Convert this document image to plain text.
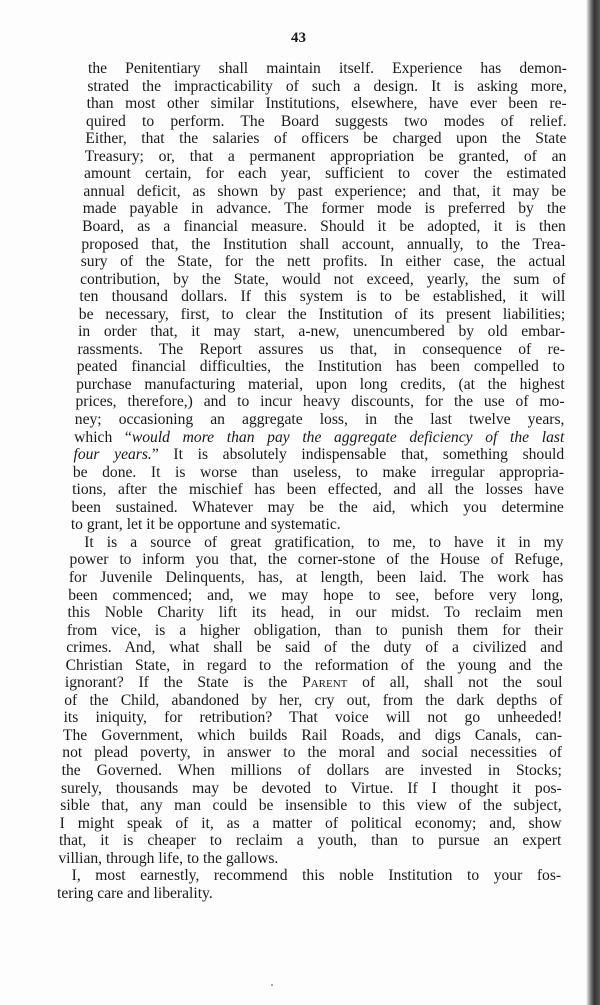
43
the Penitentiary shall maintain itself. Experience has demon-
strated the impracticability of such a design. It is asking more,
than most other similar Institutions, elsewhere, have ever been re-
quired to perform. The Board suggests two modes of relief.
Either, that the salaries of officers be charged upon the State
Treasury; or, that a permanent appropriation be granted, of an
amount certain, for each year, sufficient to cover the estimated
annual deficit, as shown by past experience; and that, it may be
made payable in advance. The former mode is preferred by the
Board, as a financial measure. Should it be adopted, it is then
proposed that, the Institution shall account, annually, to the Trea-
sury of the State, for the nett profits. In either case, the actual
contribution, by the State, would not exceed, yearly, the sum of
ten thousand dollars. If this system is to be established, it will
be necessary, first, to clear the Institution of its present liabilities;
in order that, it may start, a-new, unencumbered by old embar-
rassments. The Report assures us that, in consequence of re-
peated financial difficulties, the Institution has been compelled to
purchase manufacturing material, upon long credits, (at the highest
prices, therefore,) and to incur heavy discounts, for the use of mo-
ney; occasioning an aggregate loss, in the last twelve years,
which “would more than pay the aggregate deficiency of the last
four years.” It is absolutely indispensable that, something should
be done. It is worse than useless, to make irregular appropria-
tions, after the mischief has been effected, and all the losses have
been sustained. Whatever may be the aid, which you determine
to grant, let it be opportune and systematic.
It is a source of great gratification, to me, to have it in my
power to inform you that, the corner-stone of the House of Refuge,
for Juvenile Delinquents, has, at length, been laid. The work has
been commenced; and, we may hope to see, before very long,
this Noble Charity lift its head, in our midst. To reclaim men
from vice, is a higher obligation, than to punish them for their
crimes. And, what shall be said of the duty of a civilized and
Christian State, in regard to the reformation of the young and the
ignorant? If the State is the Parent of all, shall not the soul
of the Child, abandoned by her, cry out, from the dark depths of
its iniquity, for retribution? That voice will not go unheeded!
The Government, which builds Rail Roads, and digs Canals, can-
not plead poverty, in answer to the moral and social necessities of
the Governed. When millions of dollars are invested in Stocks;
surely, thousands may be devoted to Virtue. If I thought it pos-
sible that, any man could be insensible to this view of the subject,
I might speak of it, as a matter of political economy; and, show
that, it is cheaper to reclaim a youth, than to pursue an expert
villian, through life, to the gallows.
I, most earnestly, recommend this noble Institution to your fos-
tering care and liberality.
